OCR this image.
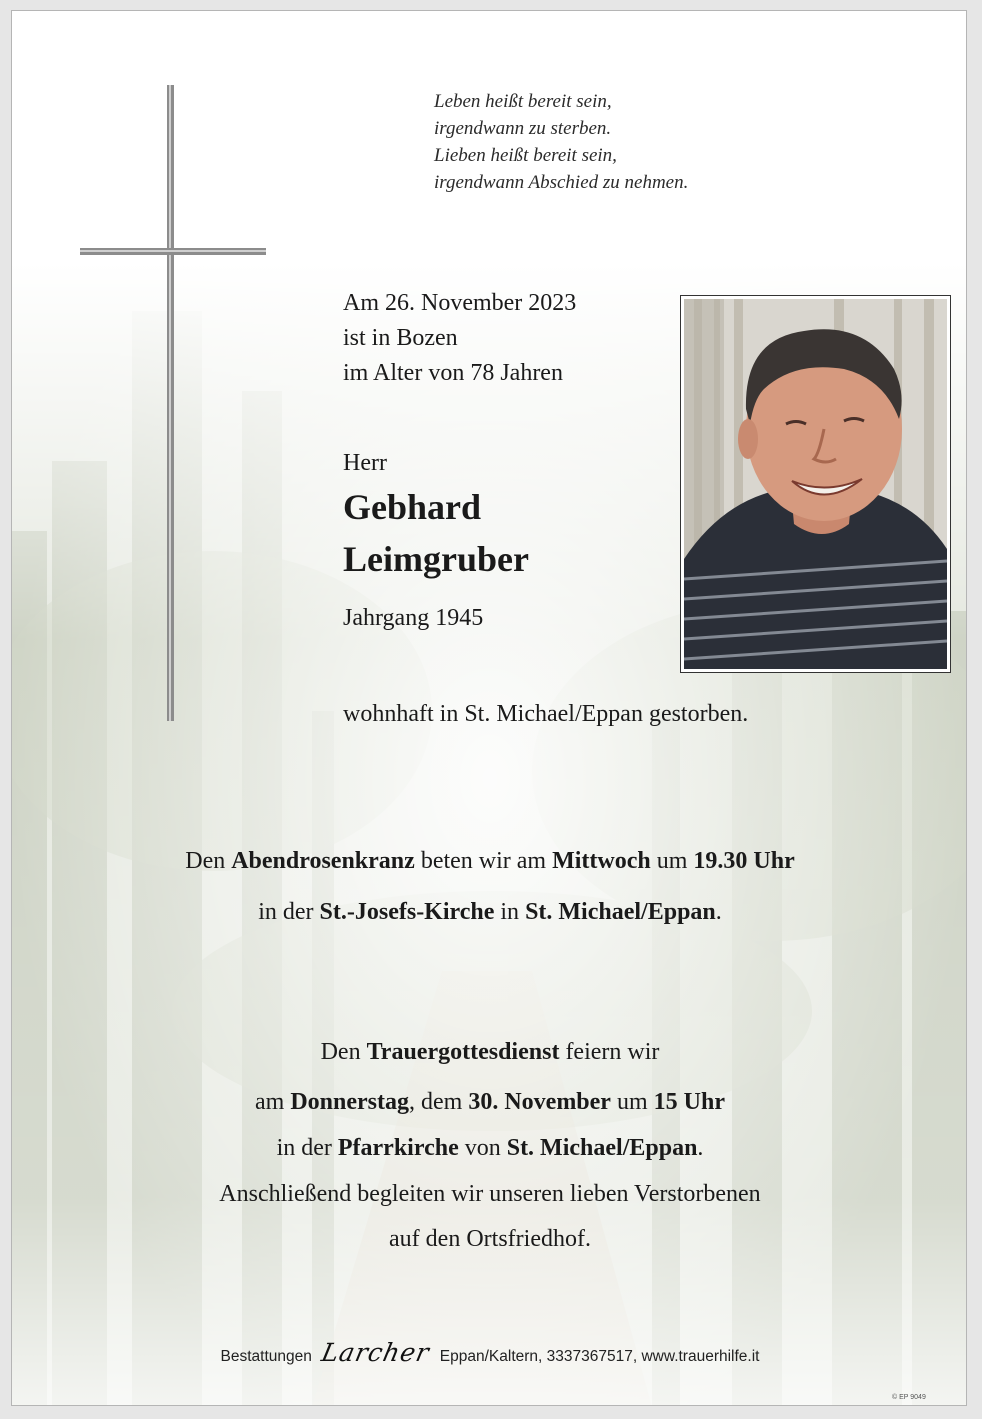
Leben heißt bereit sein,
irgendwann zu sterben.
Lieben heißt bereit sein,
irgendwann Abschied zu nehmen.
Am 26. November 2023
ist in Bozen
im Alter von 78 Jahren
Herr
Gebhard
Leimgruber
Jahrgang 1945
wohnhaft in St. Michael/Eppan gestorben.
Den Abendrosenkranz beten wir am Mittwoch um 19.30 Uhr
in der St.-Josefs-Kirche in St. Michael/Eppan.
Den Trauergottesdienst feiern wir
am Donnerstag, dem 30. November um 15 Uhr
in der Pfarrkirche von St. Michael/Eppan.
Anschließend begleiten wir unseren lieben Verstorbenen
auf den Ortsfriedhof.
Bestattungen Larcher Eppan/Kaltern, 3337367517, www.trauerhilfe.it
© EP 9049
